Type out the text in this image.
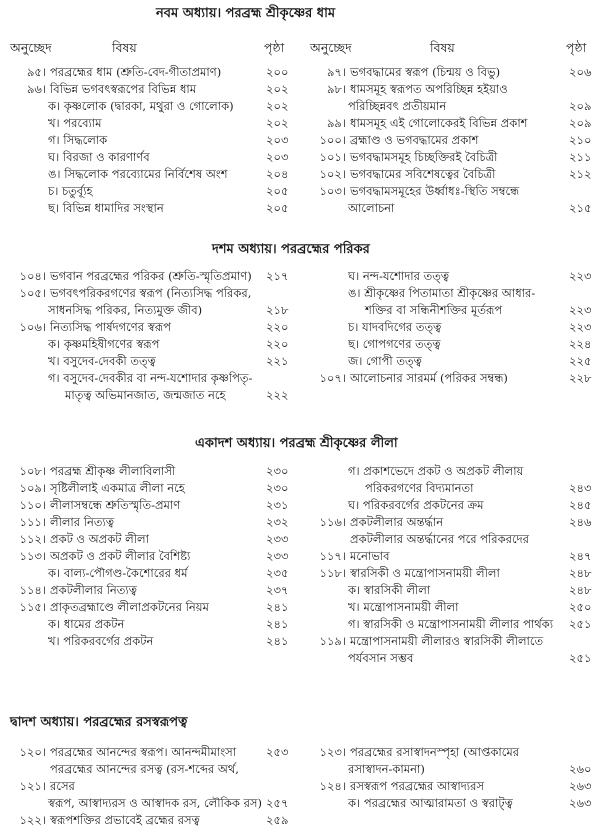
নবম অধ্যায়। পরব্রহ্ম শ্রীকৃষ্ণের ধাম
অনুচ্ছেদ	বিষয়	পৃষ্ঠা অনুচ্ছেদ	বিষয়	পৃষ্ঠা
৯৫। পরব্রহ্মের ধাম (শ্রুতি-বেদ-গীতাপ্রমাণ)	২০০
৯৬। বিভিন্ন ভগবৎস্বরূপের বিভিন্ন ধাম	২০২
ক। কৃষ্ণলোক (দ্বারকা, মথুরা ও গোলোক)	২০২
খ। পরব্যোম	২০২
গ। সিদ্ধলোক	২০৩
ঘ। বিরজা ও কারণার্ণব	২০৩
ঙ। সিদ্ধলোক পরব্যোমের নির্বিশেষ অংশ	২০৪
চ। চতুর্ব্যূহ	২০৫
ছ। বিভিন্ন ধামাদির সংস্থান	২০৫
৯৭। ভগবদ্ধামের স্বরূপ (চিন্ময় ও বিভু)	২০৬
৯৮। ধামসমূহ স্বরূপত অপরিচ্ছিন্ন হইয়াও
পরিচ্ছিন্নবৎ প্রতীয়মান	২০৯
৯৯। ধামসমূহ এই গোলোকেরই বিভিন্ন প্রকাশ	২০৯
১০০। ব্রহ্মাণ্ড ও ভগবদ্ধামের প্রকাশ	২১০
১০১। ভগবদ্ধামসমূহ চিচ্ছক্তিরই বৈচিত্রী	২১১
১০২। ভগবদ্ধামের সবিশেষত্বের বৈচিত্রী	২১২
১০৩। ভগবদ্ধামসমূহের উর্ধ্বাধঃ-স্থিতি সম্বন্ধে
আলোচনা	২১৫
দশম অধ্যায়। পরব্রহ্মের পরিকর
১০৪। ভগবান পরব্রহ্মের পরিকর (শ্রুতি-স্মৃতিপ্রমাণ)	২১৭
১০৫। ভগবৎপরিকরগণের স্বরূপ (নিত্যসিদ্ধ পরিকর,
সাধনসিদ্ধ পরিকর, নিত্যমুক্ত জীব)	২১৮
১০৬। নিত্যসিদ্ধ পার্ষদগণের স্বরূপ	২২০
ক। কৃষ্ণমহিষীগণের স্বরূপ	২২০
খ। বসুদেব-দেবকী তত্ত্ব	২২১
গ। বসুদেব-দেবকীর বা নন্দ-যশোদার কৃষ্ণপিতৃ-
মাতৃত্ব অভিমানজাত, জন্মজাত নহে	২২২
ঘ। নন্দ-যশোদার তত্ত্ব	২২৩
ঙ। শ্রীকৃষ্ণের পিতামাতা শ্রীকৃষ্ণের আধার-
শক্তির বা সন্ধিনীশক্তির মূর্তরূপ	২২৩
চ। যাদবদিগের তত্ত্ব	২২৩
ছ। গোপগণের তত্ত্ব	২২৪
জ। গোপী তত্ত্ব	২২৫
১০৭। আলোচনার সারমর্ম (পরিকর সম্বন্ধ)	২২৮
একাদশ অধ্যায়। পরব্রহ্ম শ্রীকৃষ্ণের লীলা
১০৮। পরব্রহ্ম শ্রীকৃষ্ণ লীলাবিলাসী	২৩০
১০৯। সৃষ্টিলীলাই একমাত্র লীলা নহে	২৩০
১১০। লীলাসম্বন্ধে শ্রুতিস্মৃতি-প্রমাণ	২৩১
১১১। লীলার নিত্যত্ব	২৩২
১১২। প্রকট ও অপ্রকট লীলা	২৩৩
১১৩। অপ্রকট ও প্রকট লীলার বৈশিষ্ট্য	২৩৩
ক। বাল্য-পৌগণ্ড-কৈশোরের ধর্ম	২৩৫
১১৪। প্রকটলীলার নিত্যত্ব	২৩৭
১১৫। প্রাকৃতব্রহ্মাণ্ডে লীলাপ্রকটনের নিয়ম	২৪১
ক। ধামের প্রকটন	২৪১
খ। পরিকরবর্গের প্রকটন	২৪১
গ। প্রকাশভেদে প্রকট ও অপ্রকট লীলায়
পরিকরগণের বিদ্যমানতা	২৪৩
ঘ। পরিকরবর্গের প্রকটনের ক্রম	২৪৫
১১৬। প্রকটলীলার অন্তর্দ্ধান	২৪৬
১১৭।
প্রকটলীলার অন্তর্দ্ধানের পরে পরিকরদের মনোভাব	২৪৭
১১৮। স্বারসিকী ও মন্ত্রোপাসনাময়ী লীলা	২৪৮
ক। স্বারসিকী লীলা	২৪৮
খ। মন্ত্রোপাসনাময়ী লীলা	২৫০
গ। স্বারসিকী ও মন্ত্রোপাসনাময়ী লীলার পার্থক্য	২৫১
১১৯। মন্ত্রোপাসনাময়ী লীলারও স্বারসিকী লীলাতে
পর্যবসান সম্ভব	২৫১
দ্বাদশ অধ্যায়। পরব্রহ্মের রসস্বরূপত্ব
১২০। পরব্রহ্মের আনন্দের স্বরূপ। আনন্দমীমাংসা	২৫৩
১২১।
পরব্রহ্মের আনন্দের রসত্ব (রস-শব্দের অর্থ, রসের
স্বরূপ, আস্বাদ্যরস ও আস্বাদক রস, লৌকিক রস) ২৫৭
১২২। স্বরূপশক্তির প্রভাবেই ব্রহ্মের রসত্ব	২৫৯
১২৩। পরব্রহ্মের রসাস্বাদনস্পৃহা (আপ্তকামের
রসাস্বাদন-কামনা)	২৬০
১২৪। রসস্বরূপ পরব্রহ্মের আস্বাদ্যরস	২৬৩
ক। পরব্রহ্মের আত্মারামতা ও স্বরাট্ত্ব	২৬৩
